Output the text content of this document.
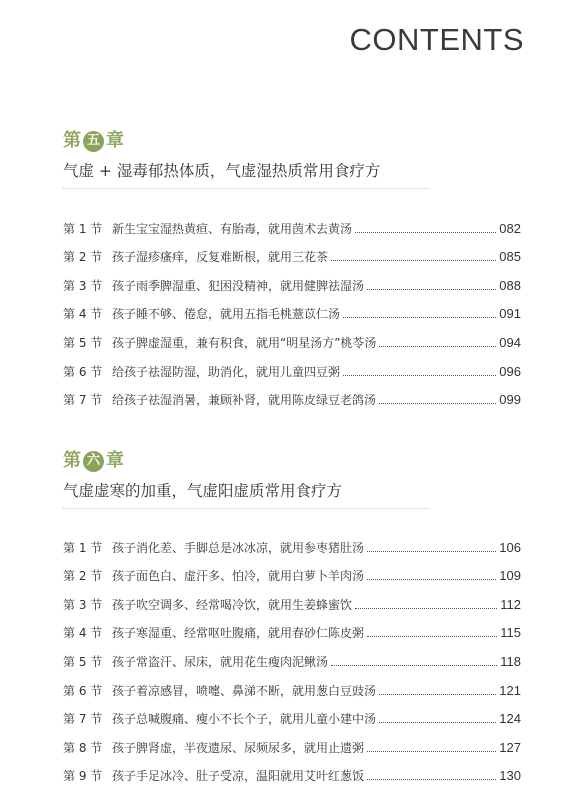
CONTENTS
第 五 章
气虚 + 湿毒郁热体质，气虚湿热质常用食疗方
第 1 节 新生宝宝湿热黄疸、有胎毒，就用茵术去黄汤	082
第 2 节 孩子湿疹瘙痒，反复难断根，就用三花茶	085
第 3 节 孩子雨季脾湿重、犯困没精神，就用健脾祛湿汤	088
第 4 节 孩子睡不够、倦怠，就用五指毛桃薏苡仁汤	091
第 5 节 孩子脾虚湿重，兼有积食，就用“明星汤方”桃苓汤	094
第 6 节 给孩子祛湿防湿，助消化，就用儿童四豆粥	096
第 7 节 给孩子祛湿消暑，兼顾补肾，就用陈皮绿豆老鸽汤	099
第 六 章
气虚虚寒的加重，气虚阳虚质常用食疗方
第 1 节 孩子消化差、手脚总是冰冰凉，就用参枣猪肚汤	106
第 2 节 孩子面色白、虚汗多、怕冷，就用白萝卜羊肉汤	109
第 3 节 孩子吹空调多、经常喝冷饮，就用生姜蜂蜜饮	112
第 4 节 孩子寒湿重、经常呕吐腹痛，就用春砂仁陈皮粥	115
第 5 节 孩子常盗汗、尿床，就用花生瘦肉泥鳅汤	118
第 6 节 孩子着凉感冒，喷嚏、鼻涕不断，就用葱白豆豉汤	121
第 7 节 孩子总喊腹痛、瘦小不长个子，就用儿童小建中汤	124
第 8 节 孩子脾肾虚，半夜遗尿、尿频尿多，就用止遗粥	127
第 9 节 孩子手足冰冷、肚子受凉，温阳就用艾叶红葱饭	130
